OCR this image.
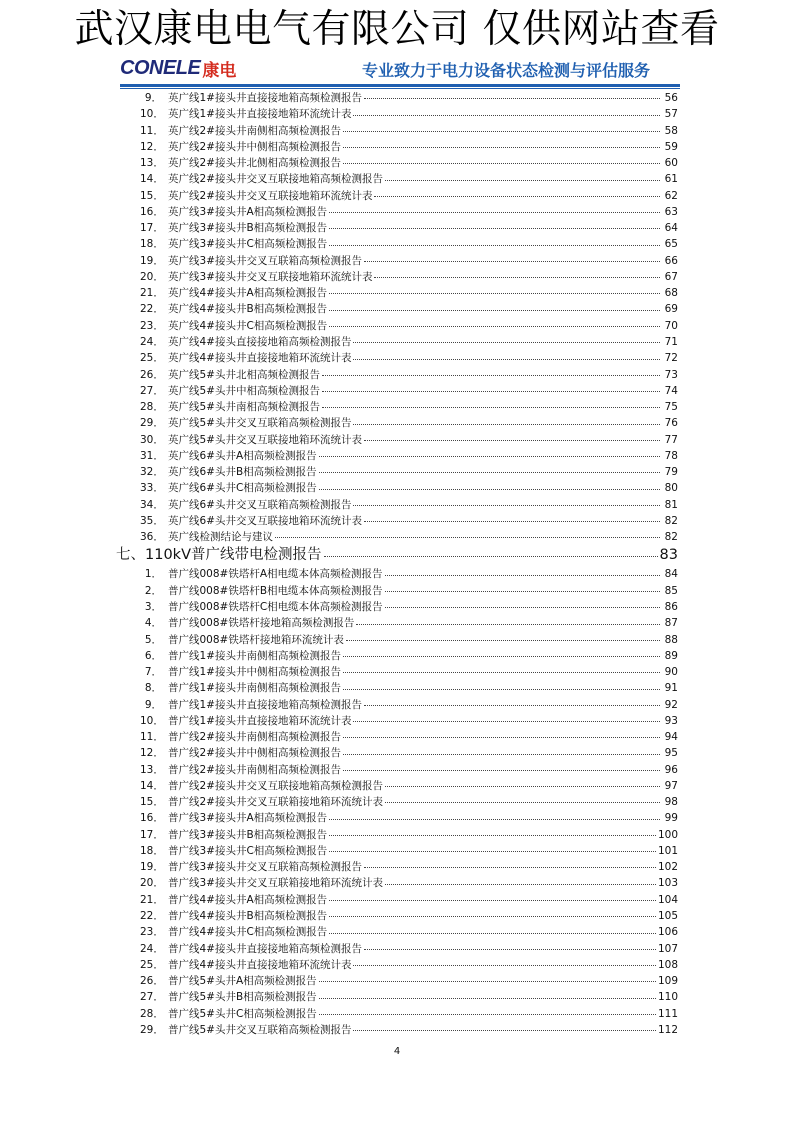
武汉康电电气有限公司 仅供网站查看
CONELE 康电	专业致力于电力设备状态检测与评估服务
9． 英广线1#接头井直接接地箱高频检测报告	56
10． 英广线1#接头井直接接地箱环流统计表	57
11． 英广线2#接头井南侧相高频检测报告	58
12． 英广线2#接头井中侧相高频检测报告	59
13． 英广线2#接头井北侧相高频检测报告	60
14． 英广线2#接头井交叉互联接地箱高频检测报告	61
15． 英广线2#接头井交叉互联接地箱环流统计表	62
16． 英广线3#接头井A相高频检测报告	63
17． 英广线3#接头井B相高频检测报告	64
18． 英广线3#接头井C相高频检测报告	65
19． 英广线3#接头井交叉互联箱高频检测报告	66
20． 英广线3#接头井交叉互联接地箱环流统计表	67
21． 英广线4#接头井A相高频检测报告	68
22． 英广线4#接头井B相高频检测报告	69
23． 英广线4#接头井C相高频检测报告	70
24． 英广线4#接头直接接地箱高频检测报告	71
25． 英广线4#接头井直接接地箱环流统计表	72
26． 英广线5#头井北相高频检测报告	73
27． 英广线5#头井中相高频检测报告	74
28． 英广线5#头井南相高频检测报告	75
29． 英广线5#头井交叉互联箱高频检测报告	76
30． 英广线5#头井交叉互联接地箱环流统计表	77
31． 英广线6#头井A相高频检测报告	78
32． 英广线6#头井B相高频检测报告	79
33． 英广线6#头井C相高频检测报告	80
34． 英广线6#头井交叉互联箱高频检测报告	81
35． 英广线6#头井交叉互联接地箱环流统计表	82
36． 英广线检测结论与建议	82
七、 110kV普广线带电检测报告	83
1． 普广线008#铁塔杆A相电缆本体高频检测报告	84
2． 普广线008#铁塔杆B相电缆本体高频检测报告	85
3． 普广线008#铁塔杆C相电缆本体高频检测报告	86
4． 普广线008#铁塔杆接地箱高频检测报告	87
5． 普广线008#铁塔杆接地箱环流统计表	88
6． 普广线1#接头井南侧相高频检测报告	89
7． 普广线1#接头井中侧相高频检测报告	90
8． 普广线1#接头井南侧相高频检测报告	91
9． 普广线1#接头井直接接地箱高频检测报告	92
10． 普广线1#接头井直接接地箱环流统计表	93
11． 普广线2#接头井南侧相高频检测报告	94
12． 普广线2#接头井中侧相高频检测报告	95
13． 普广线2#接头井南侧相高频检测报告	96
14． 普广线2#接头井交叉互联接地箱高频检测报告	97
15． 普广线2#接头井交叉互联箱接地箱环流统计表	98
16． 普广线3#接头井A相高频检测报告	99
17． 普广线3#接头井B相高频检测报告	100
18． 普广线3#接头井C相高频检测报告	101
19． 普广线3#接头井交叉互联箱高频检测报告	102
20． 普广线3#接头井交叉互联箱接地箱环流统计表	103
21． 普广线4#接头井A相高频检测报告	104
22． 普广线4#接头井B相高频检测报告	105
23． 普广线4#接头井C相高频检测报告	106
24． 普广线4#接头井直接接地箱高频检测报告	107
25． 普广线4#接头井直接接地箱环流统计表	108
26． 普广线5#头井A相高频检测报告	109
27． 普广线5#头井B相高频检测报告	110
28． 普广线5#头井C相高频检测报告	111
29． 普广线5#头井交叉互联箱高频检测报告	112
4
